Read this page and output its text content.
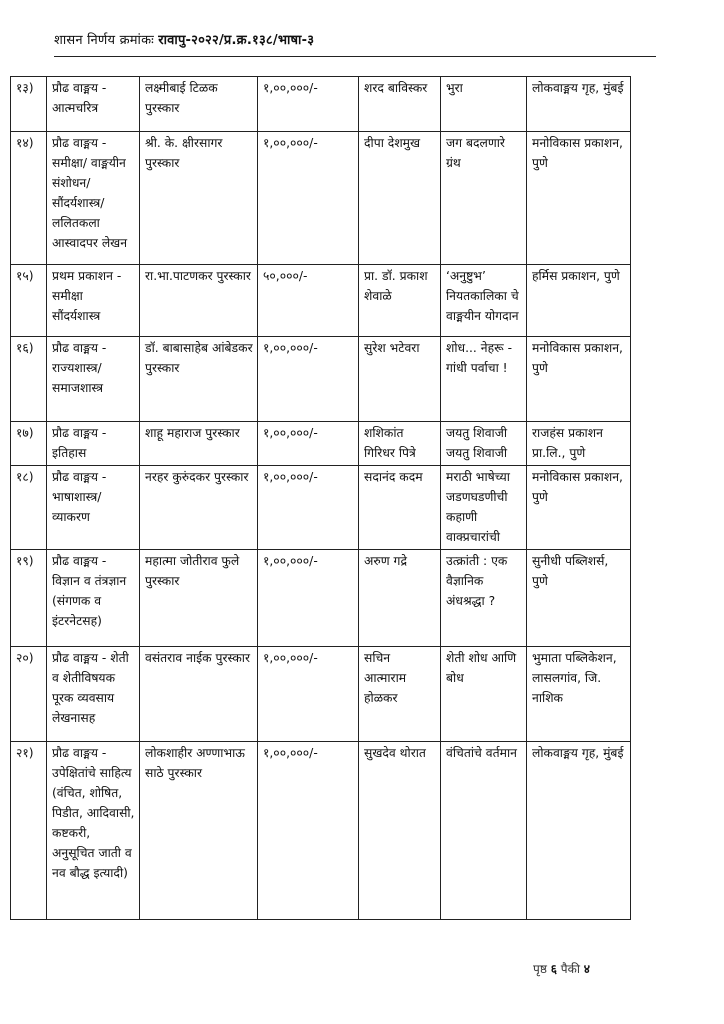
शासन निर्णय क्रमांकः रावापु-२०२२/प्र.क्र.१३८/भाषा-३
१३)	प्रौढ वाङ्मय - आत्मचरित्र	लक्ष्मीबाई टिळक पुरस्कार	१,००,०००/-	शरद बाविस्कर	भुरा	लोकवाङ्मय गृह, मुंबई
१४)	प्रौढ वाङ्मय - समीक्षा/ वाङ्मयीन संशोधन/ सौंदर्यशास्त्र/ ललितकला आस्वादपर लेखन	श्री. के. क्षीरसागर पुरस्कार	१,००,०००/-	दीपा देशमुख	जग बदलणारे ग्रंथ	मनोविकास प्रकाशन, पुणे
१५)	प्रथम प्रकाशन - समीक्षा सौंदर्यशास्त्र	रा.भा.पाटणकर पुरस्कार	५०,०००/-	प्रा. डॉ. प्रकाश शेवाळे	‘अनुष्टुभ’ नियतकालिका चे वाङ्मयीन योगदान	हर्मिस प्रकाशन, पुणे
१६)	प्रौढ वाङ्मय - राज्यशास्त्र/समाजशास्त्र	डॉ. बाबासाहेब आंबेडकर पुरस्कार	१,००,०००/-	सुरेश भटेवरा	शोध... नेहरू - गांधी पर्वाचा !	मनोविकास प्रकाशन, पुणे
१७)	प्रौढ वाङ्मय - इतिहास	शाहू महाराज पुरस्कार	१,००,०००/-	शशिकांत गिरिधर पित्रे	जयतु शिवाजी जयतु शिवाजी	राजहंस प्रकाशन प्रा.लि., पुणे
१८)	प्रौढ वाङ्मय - भाषाशास्त्र/व्याकरण	नरहर कुरुंदकर पुरस्कार	१,००,०००/-	सदानंद कदम	मराठी भाषेच्या जडणघडणीची कहाणी वाक्प्रचारांची	मनोविकास प्रकाशन, पुणे
१९)	प्रौढ वाङ्मय - विज्ञान व तंत्रज्ञान (संगणक व इंटरनेटसह)	महात्मा जोतीराव फुले पुरस्कार	१,००,०००/-	अरुण गद्रे	उत्क्रांती : एक वैज्ञानिक अंधश्रद्धा ?	सुनीधी पब्लिशर्स, पुणे
२०)	प्रौढ वाङ्मय - शेती व शेतीविषयक पूरक व्यवसाय लेखनासह	वसंतराव नाईक पुरस्कार	१,००,०००/-	सचिन आत्माराम होळकर	शेती शोध आणि बोध	भुमाता पब्लिकेशन, लासलगांव, जि. नाशिक
२१)	प्रौढ वाङ्मय - उपेक्षितांचे साहित्य (वंचित, शोषित, पिडीत, आदिवासी, कष्टकरी, अनुसूचित जाती व नव बौद्ध इत्यादी)	लोकशाहीर अण्णाभाऊ साठे पुरस्कार	१,००,०००/-	सुखदेव थोरात	वंचितांचे वर्तमान	लोकवाङ्मय गृह, मुंबई
पृष्ठ ६ पैकी ४
